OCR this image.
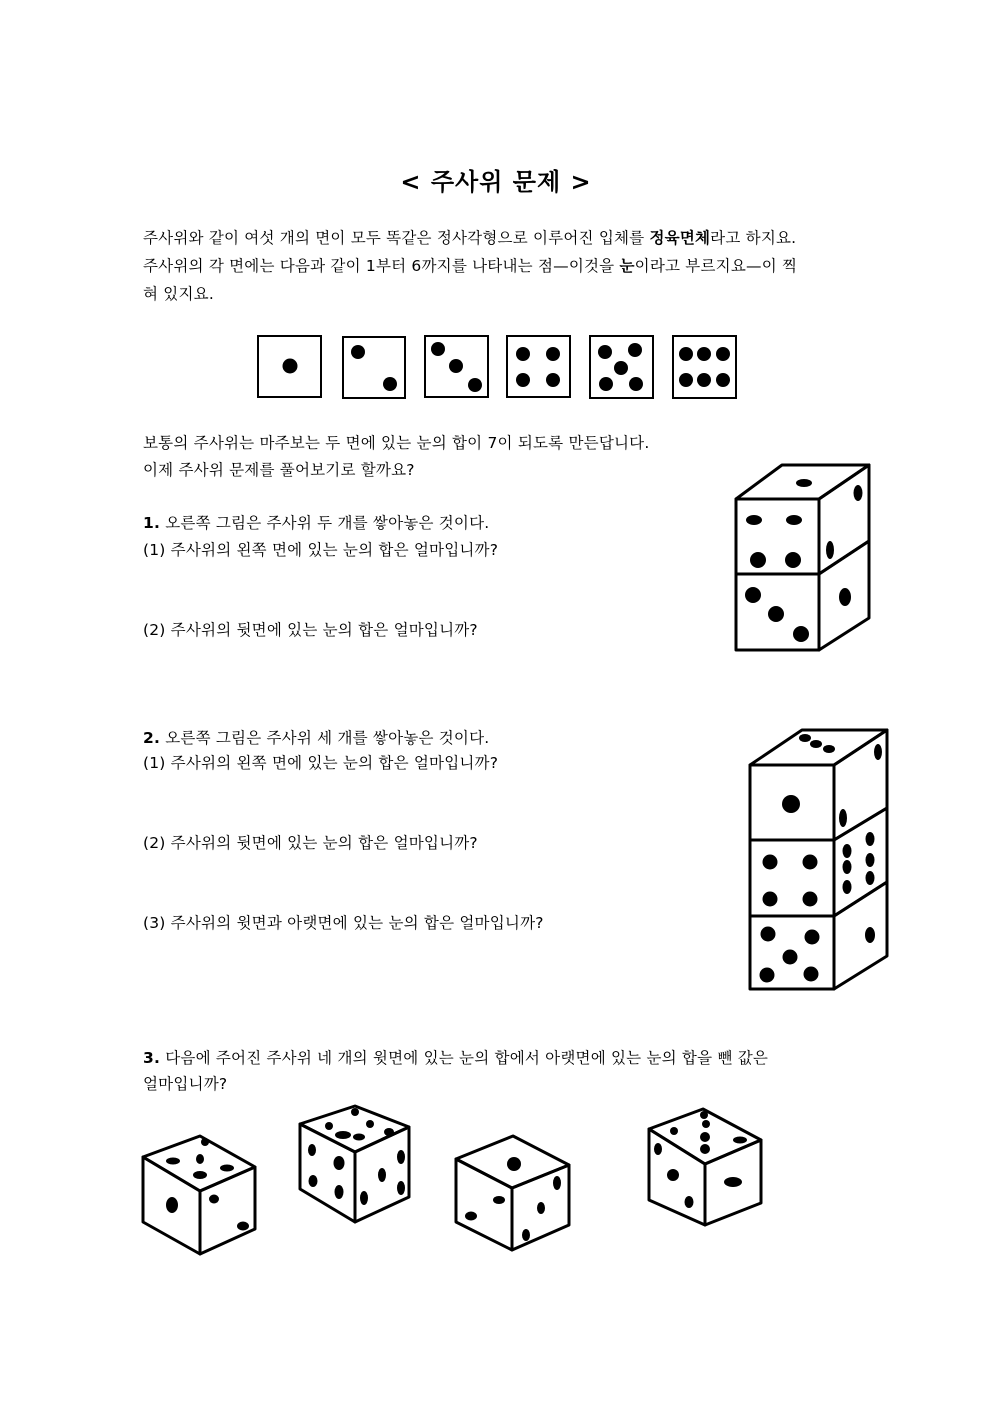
< 주사위 문제 >
주사위와 같이 여섯 개의 면이 모두 똑같은 정사각형으로 이루어진 입체를 정육면체라고 하지요.
주사위의 각 면에는 다음과 같이 1부터 6까지를 나타내는 점—이것을 눈이라고 부르지요—이 찍
혀 있지요.
보통의 주사위는 마주보는 두 면에 있는 눈의 합이 7이 되도록 만든답니다.
이제 주사위 문제를 풀어보기로 할까요?
1. 오른쪽 그림은 주사위 두 개를 쌓아놓은 것이다.
(1) 주사위의 왼쪽 면에 있는 눈의 합은 얼마입니까?
(2) 주사위의 뒷면에 있는 눈의 합은 얼마입니까?
2. 오른쪽 그림은 주사위 세 개를 쌓아놓은 것이다.
(1) 주사위의 왼쪽 면에 있는 눈의 합은 얼마입니까?
(2) 주사위의 뒷면에 있는 눈의 합은 얼마입니까?
(3) 주사위의 윗면과 아랫면에 있는 눈의 합은 얼마입니까?
3. 다음에 주어진 주사위 네 개의 윗면에 있는 눈의 합에서 아랫면에 있는 눈의 합을 뺀 값은
얼마입니까?
